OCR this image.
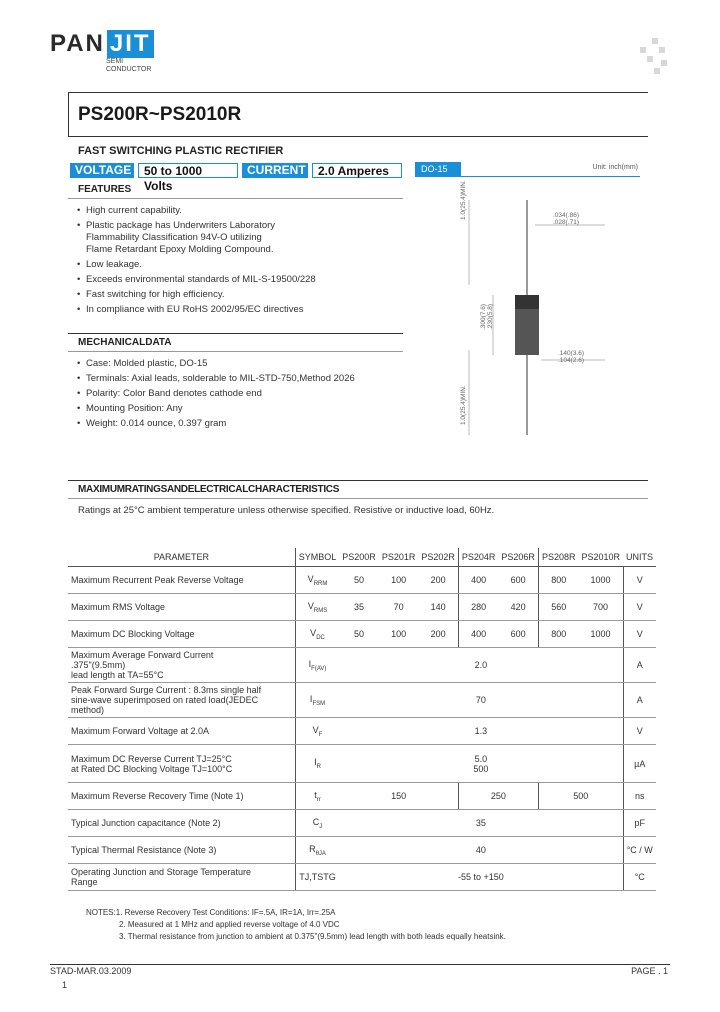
PAN JIT
SEMI
CONDUCTOR
PS200R~PS2010R
FAST SWITCHING PLASTIC RECTIFIER
VOLTAGE	50 to 1000 Volts
CURRENT	2.0 Amperes
FEATURES
• High current capability.
• Plastic package has Underwriters Laboratory
Flammability Classification 94V-O utilizing
Flame Retardant Epoxy Molding Compound.
• Low leakage.
• Exceeds environmental standards of MIL-S-19500/228
• Fast switching for high efficiency.
• In compliance with EU RoHS 2002/95/EC directives
MECHANICALDATA
• Case: Molded plastic, DO-15
• Terminals: Axial leads, solderable to MIL-STD-750,Method 2026
• Polarity: Color Band denotes cathode end
• Mounting Position: Any
• Weight: 0.014 ounce, 0.397 gram
DO-15	Unit: inch(mm)
1.0(25.4)MIN.	.034(.86)
.028(.71)
.300(7.6)
.230(5.8)
.140(3.6)
.104(2.6)
1.0(25.4)MIN.
MAXIMUMRATINGSANDELECTRICALCHARACTERISTICS
Ratings at 25°C ambient temperature unless otherwise specified. Resistive or inductive load, 60Hz.
PARAMETER	SYMBOL	PS200R	PS201R	PS202R	PS204R	PS206R	PS208R	PS2010R	UNITS
Maximum Recurrent Peak Reverse Voltage	$V_{RRM}$	50	100	200	400	600	800	1000	V
Maximum RMS Voltage	$V_{RMS}$	35	70	140	280	420	560	700	V
Maximum DC Blocking Voltage	$V_{DC}$	50	100	200	400	600	800	1000	V
Maximum Average Forward Current
.375"(9.5mm)
lead length at TA=55°C	$I_{F(AV)}$	2.0							A
Peak Forward Surge Current : 8.3ms single half
sine-wave superimposed on rated load(JEDEC
method)	$I_{FSM}$	70							A
Maximum Forward Voltage at 2.0A	$V_F$	1.3							V
Maximum DC Reverse Current TJ=25°C
at Rated DC Blocking Voltage TJ=100°C	$I_R$	5.0
500							µA
Maximum Reverse Recovery Time (Note 1)	$t_{rr}$	150			250		500		ns
Typical Junction capacitance (Note 2)	$C_J$	35							pF
Typical Thermal Resistance (Note 3)	$R_{\theta JA}$	40							°C / W
Operating Junction and Storage Temperature
Range	TJ,TSTG	-55 to +150							°C
NOTES:1. Reverse Recovery Test Conditions: IF=.5A, IR=1A, Irr=.25A
2. Measured at 1 MHz and applied reverse voltage of 4.0 VDC
3. Thermal resistance from junction to ambient at 0.375"(9.5mm) lead length with both leads equally heatsink.
STAD-MAR.03.2009	PAGE . 1
1
